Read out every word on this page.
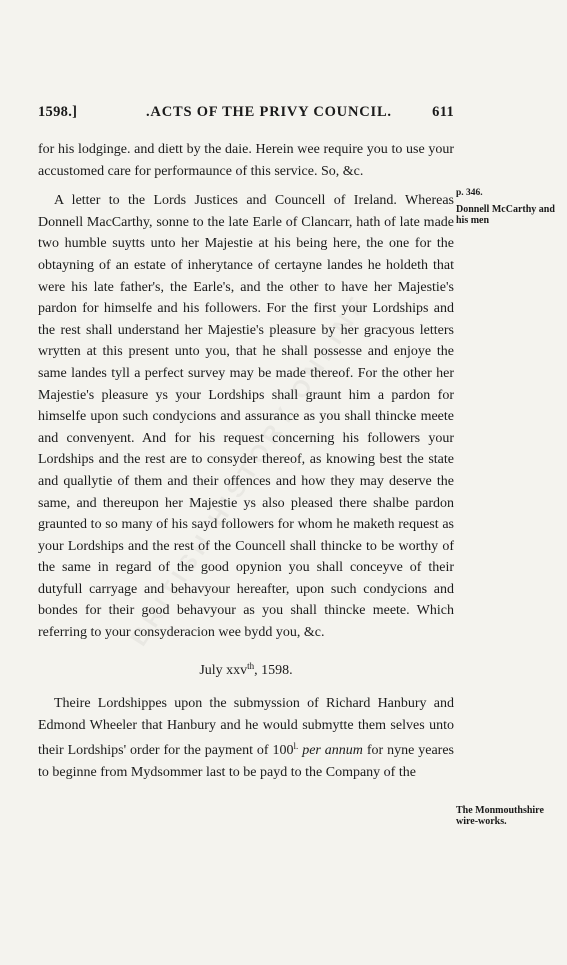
1598.]	.ACTS OF THE PRIVY COUNCIL.	611

for his lodginge. and diett by the daie. Herein wee require you to use your accustomed care for performaunce of this service. So, &c.

A letter to the Lords Justices and Councell of Ireland. Whereas Donnell MacCarthy, sonne to the late Earle of Clancarr, hath of late made two humble suytts unto her Majestie at his being here, the one for the obtayning of an estate of inherytance of certayne landes he holdeth that were his late father's, the Earle's, and the other to have her Majestie's pardon for himselfe and his followers. For the first your Lordships and the rest shall understand her Majestie's pleasure by her gracyous letters wrytten at this present unto you, that he shall possesse and enjoye the same landes tyll a perfect survey may be made thereof. For the other her Majestie's pleasure ys your Lordships shall graunt him a pardon for himselfe upon such condycions and assurance as you shall thincke meete and convenyent. And for his request concerning his followers your Lordships and the rest are to consyder thereof, as knowing best the state and quallytie of them and their offences and how they may deserve the same, and thereupon her Majestie ys also pleased there shalbe pardon graunted to so many of his sayd followers for whom he maketh request as your Lordships and the rest of the Councell shall thincke to be worthy of the same in regard of the good opynion you shall conceyve of their dutyfull carryage and behavyour hereafter, upon such condycions and bondes for their good behavyour as you shall thincke meete. Which referring to your consyderacion wee bydd you, &c.

July xxv$^{th}$, 1598.

Theire Lordshippes upon the submyssion of Richard Hanbury and Edmond Wheeler that Hanbury and he would submytte them selves unto their Lordships' order for the payment of $100^{l.}$ per annum for nyne yeares to beginne from Mydsommer last to be payd to the Company of the

p. 346.
Donnell McCarthy and his men
The Monmouthshire wire-works.
